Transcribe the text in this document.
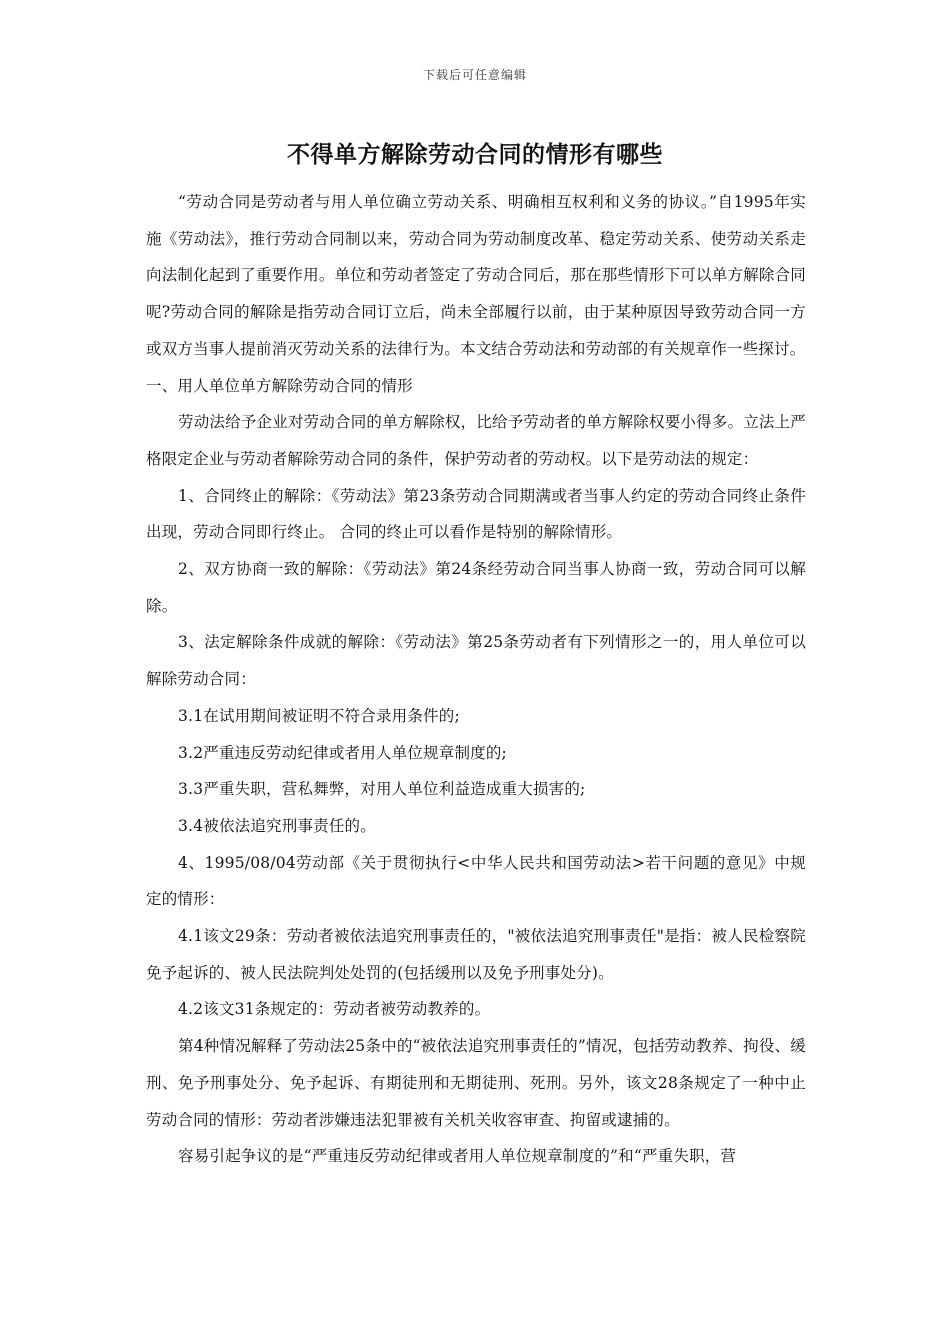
下载后可任意编辑
不得单方解除劳动合同的情形有哪些

“劳动合同是劳动者与用人单位确立劳动关系、明确相互权利和义务的协议。”自1995年实施《劳动法》，推行劳动合同制以来，劳动合同为劳动制度改革、稳定劳动关系、使劳动关系走向法制化起到了重要作用。单位和劳动者签定了劳动合同后，那在那些情形下可以单方解除合同呢?劳动合同的解除是指劳动合同订立后，尚未全部履行以前，由于某种原因导致劳动合同一方或双方当事人提前消灭劳动关系的法律行为。本文结合劳动法和劳动部的有关规章作一些探讨。

一、用人单位单方解除劳动合同的情形

劳动法给予企业对劳动合同的单方解除权，比给予劳动者的单方解除权要小得多。立法上严格限定企业与劳动者解除劳动合同的条件，保护劳动者的劳动权。以下是劳动法的规定：

1、合同终止的解除：《劳动法》第23条劳动合同期满或者当事人约定的劳动合同终止条件出现，劳动合同即行终止。 合同的终止可以看作是特别的解除情形。

2、双方协商一致的解除：《劳动法》第24条经劳动合同当事人协商一致，劳动合同可以解除。

3、法定解除条件成就的解除：《劳动法》第25条劳动者有下列情形之一的，用人单位可以解除劳动合同：

3.1在试用期间被证明不符合录用条件的;

3.2严重违反劳动纪律或者用人单位规章制度的;

3.3严重失职，营私舞弊，对用人单位利益造成重大损害的;

3.4被依法追究刑事责任的。

4、1995/08/04劳动部《关于贯彻执行<中华人民共和国劳动法>若干问题的意见》中规定的情形：

4.1该文29条：劳动者被依法追究刑事责任的，"被依法追究刑事责任"是指：被人民检察院免予起诉的、被人民法院判处处罚的(包括缓刑以及免予刑事处分)。

4.2该文31条规定的：劳动者被劳动教养的。

第4种情况解释了劳动法25条中的“被依法追究刑事责任的”情况，包括劳动教养、拘役、缓刑、免予刑事处分、免予起诉、有期徒刑和无期徒刑、死刑。另外，该文28条规定了一种中止劳动合同的情形：劳动者涉嫌违法犯罪被有关机关收容审查、拘留或逮捕的。

容易引起争议的是“严重违反劳动纪律或者用人单位规章制度的”和“严重失职，营
